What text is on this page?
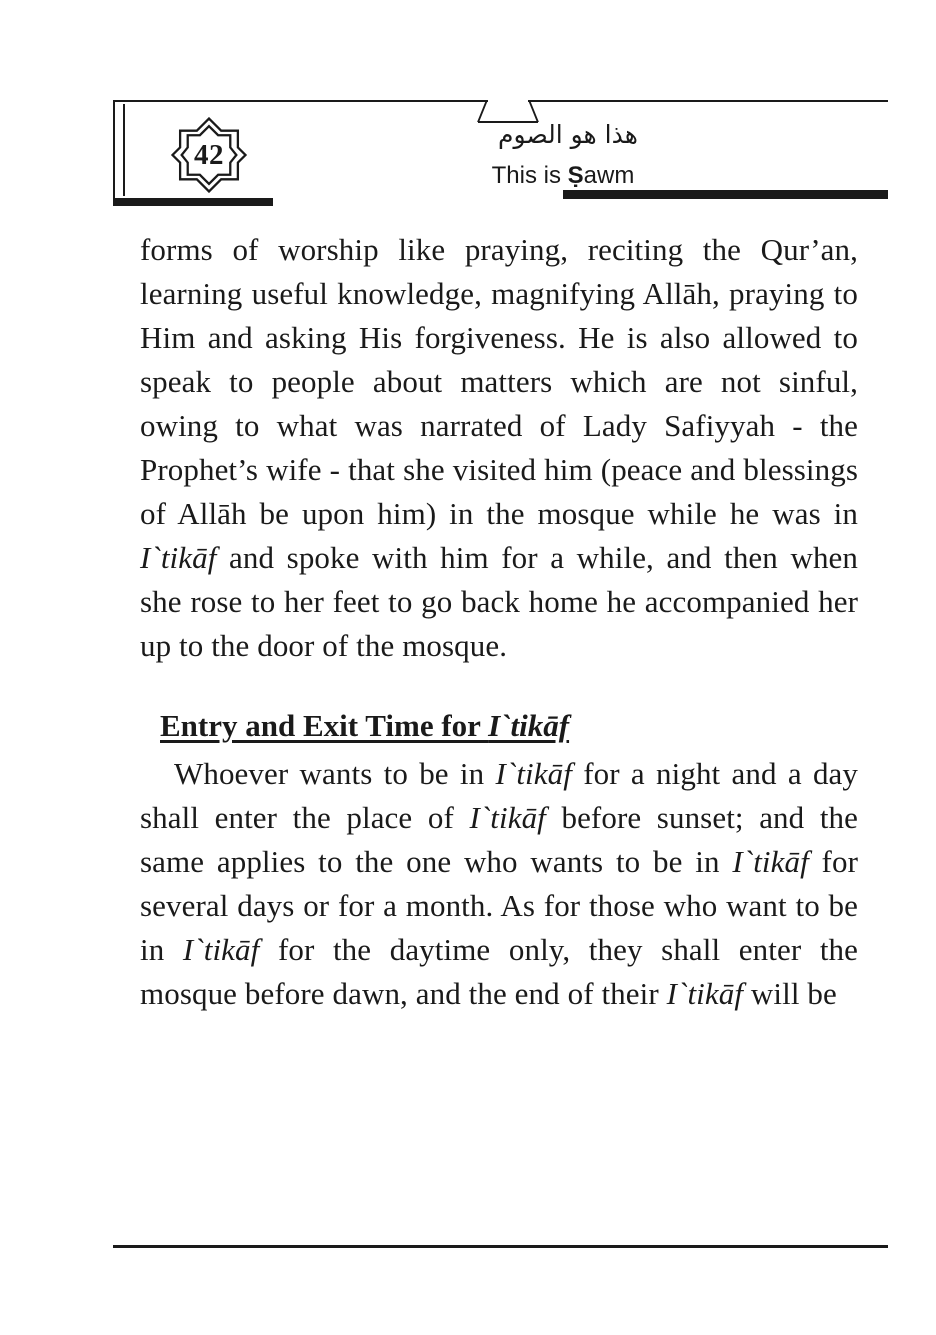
42
هذا هو الصوم
This is Ṣawm

forms of worship like praying, reciting the Qur’an, learning useful knowledge, magnifying Allāh, praying to Him and asking His forgiveness. He is also allowed to speak to people about matters which are not sinful, owing to what was narrated of Lady Safiyyah - the Prophet’s wife - that she visited him (peace and blessings of Allāh be upon him) in the mosque while he was in I`tikāf and spoke with him for a while, and then when she rose to her feet to go back home he accompanied her up to the door of the mosque.

Entry and Exit Time for I`tikāf

Whoever wants to be in I`tikāf for a night and a day shall enter the place of I`tikāf before sunset; and the same applies to the one who wants to be in I`tikāf for several days or for a month. As for those who want to be in I`tikāf for the daytime only, they shall enter the mosque before dawn, and the end of their I`tikāf will be
